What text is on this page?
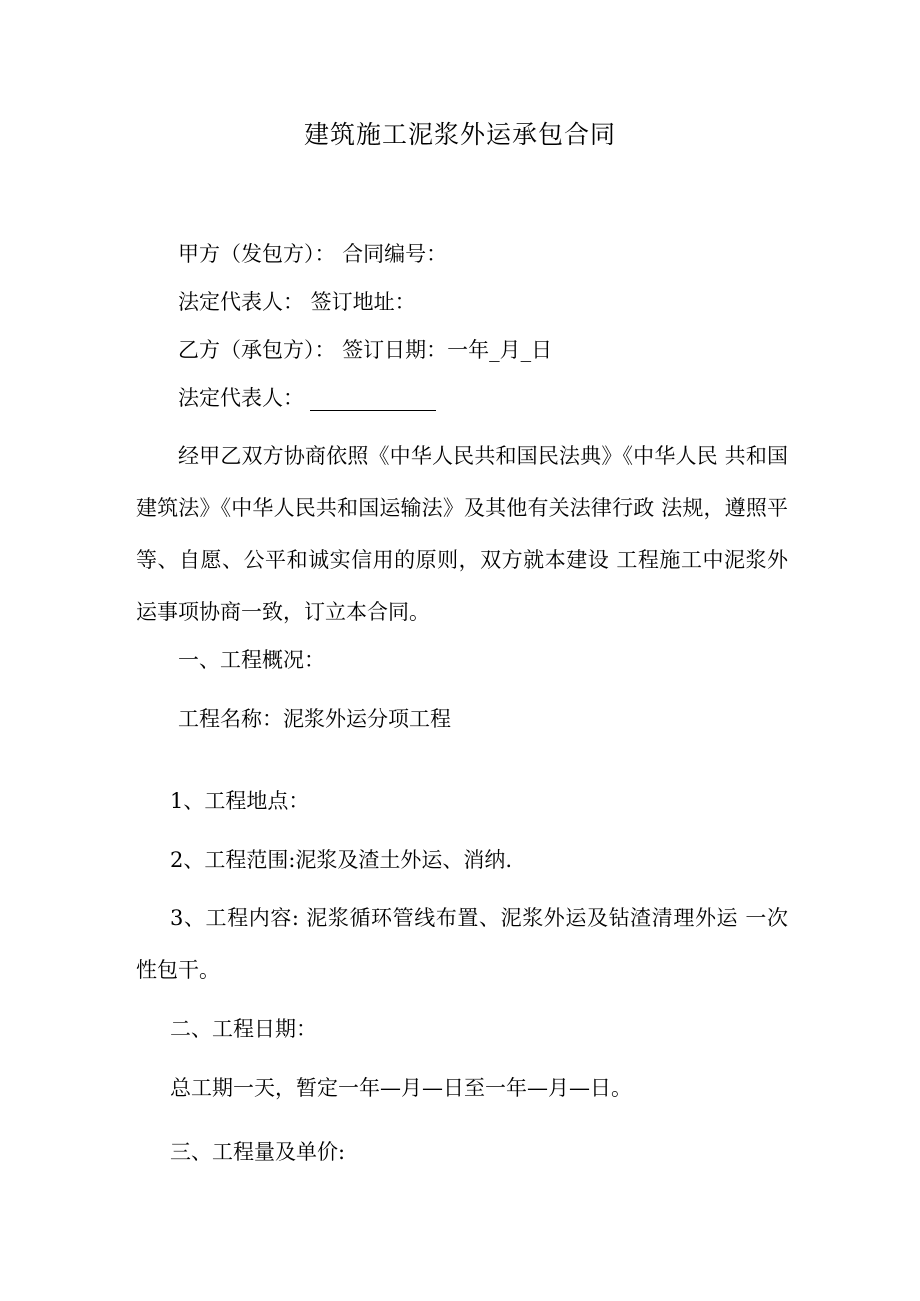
建筑施工泥浆外运承包合同
甲方（发包方）： 合同编号：
法定代表人： 签订地址：
乙方（承包方）： 签订日期：一年_月_日
法定代表人：
经甲乙双方协商依照《中华人民共和国民法典》《中华人民 共和国建筑法》《中华人民共和国运输法》及其他有关法律行政 法规，遵照平等、自愿、公平和诚实信用的原则，双方就本建设 工程施工中泥浆外运事项协商一致，订立本合同。
一、工程概况：
工程名称：泥浆外运分项工程
1、工程地点：
2、工程范围:泥浆及渣土外运、消纳.
3、工程内容: 泥浆循环管线布置、泥浆外运及钻渣清理外运 一次性包干。
二、工程日期：
总工期一天，暂定一年—月—日至一年—月—日。
三、工程量及单价:
